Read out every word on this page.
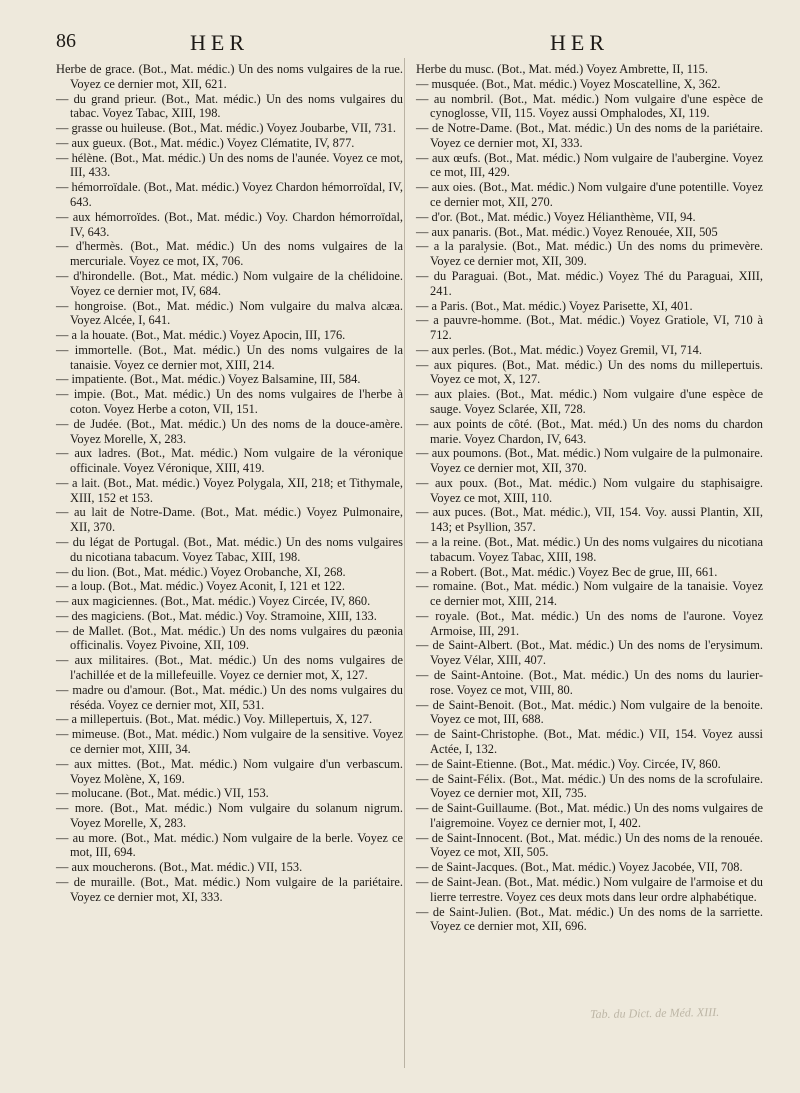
86	HER	HER

Herbe de grace. (Bot., Mat. médic.) Un des noms vulgaires de la rue. Voyez ce dernier mot, XII, 621.

— du grand prieur. (Bot., Mat. médic.) Un des noms vulgaires du tabac. Voyez Tabac, XIII, 198.

— grasse ou huileuse. (Bot., Mat. médic.) Voyez Joubarbe, VII, 731.

— aux gueux. (Bot., Mat. médic.) Voyez Clématite, IV, 877.

— hélène. (Bot., Mat. médic.) Un des noms de l'aunée. Voyez ce mot, III, 433.

— hémorroïdale. (Bot., Mat. médic.) Voyez Chardon hémorroïdal, IV, 643.

— aux hémorroïdes. (Bot., Mat. médic.) Voy. Chardon hémorroïdal, IV, 643.

— d'hermès. (Bot., Mat. médic.) Un des noms vulgaires de la mercuriale. Voyez ce mot, IX, 706.

— d'hirondelle. (Bot., Mat. médic.) Nom vulgaire de la chélidoine. Voyez ce dernier mot, IV, 684.

— hongroise. (Bot., Mat. médic.) Nom vulgaire du malva alcæa. Voyez Alcée, I, 641.

— a la houate. (Bot., Mat. médic.) Voyez Apocin, III, 176.

— immortelle. (Bot., Mat. médic.) Un des noms vulgaires de la tanaisie. Voyez ce dernier mot, XIII, 214.

— impatiente. (Bot., Mat. médic.) Voyez Balsamine, III, 584.

— impie. (Bot., Mat. médic.) Un des noms vulgaires de l'herbe à coton. Voyez Herbe a coton, VII, 151.

— de Judée. (Bot., Mat. médic.) Un des noms de la douce-amère. Voyez Morelle, X, 283.

— aux ladres. (Bot., Mat. médic.) Nom vulgaire de la véronique officinale. Voyez Véronique, XIII, 419.

— a lait. (Bot., Mat. médic.) Voyez Polygala, XII, 218; et Tithymale, XIII, 152 et 153.

— au lait de Notre-Dame. (Bot., Mat. médic.) Voyez Pulmonaire, XII, 370.

— du légat de Portugal. (Bot., Mat. médic.) Un des noms vulgaires du nicotiana tabacum. Voyez Tabac, XIII, 198.

— du lion. (Bot., Mat. médic.) Voyez Orobanche, XI, 268.

— a loup. (Bot., Mat. médic.) Voyez Aconit, I, 121 et 122.

— aux magiciennes. (Bot., Mat. médic.) Voyez Circée, IV, 860.

— des magiciens. (Bot., Mat. médic.) Voy. Stramoine, XIII, 133.

— de Mallet. (Bot., Mat. médic.) Un des noms vulgaires du pæonia officinalis. Voyez Pivoine, XII, 109.

— aux militaires. (Bot., Mat. médic.) Un des noms vulgaires de l'achillée et de la millefeuille. Voyez ce dernier mot, X, 127.

— madre ou d'amour. (Bot., Mat. médic.) Un des noms vulgaires du réséda. Voyez ce dernier mot, XII, 531.

— a millepertuis. (Bot., Mat. médic.) Voy. Millepertuis, X, 127.

— mimeuse. (Bot., Mat. médic.) Nom vulgaire de la sensitive. Voyez ce dernier mot, XIII, 34.

— aux mittes. (Bot., Mat. médic.) Nom vulgaire d'un verbascum. Voyez Molène, X, 169.

— molucane. (Bot., Mat. médic.) VII, 153.

— more. (Bot., Mat. médic.) Nom vulgaire du solanum nigrum. Voyez Morelle, X, 283.

— au more. (Bot., Mat. médic.) Nom vulgaire de la berle. Voyez ce mot, III, 694.

— aux moucherons. (Bot., Mat. médic.) VII, 153.

— de muraille. (Bot., Mat. médic.) Nom vulgaire de la pariétaire. Voyez ce dernier mot, XI, 333.

Herbe du musc. (Bot., Mat. méd.) Voyez Ambrette, II, 115.

— musquée. (Bot., Mat. médic.) Voyez Moscatelline, X, 362.

— au nombril. (Bot., Mat. médic.) Nom vulgaire d'une espèce de cynoglosse, VII, 115. Voyez aussi Omphalodes, XI, 119.

— de Notre-Dame. (Bot., Mat. médic.) Un des noms de la pariétaire. Voyez ce dernier mot, XI, 333.

— aux œufs. (Bot., Mat. médic.) Nom vulgaire de l'aubergine. Voyez ce mot, III, 429.

— aux oies. (Bot., Mat. médic.) Nom vulgaire d'une potentille. Voyez ce dernier mot, XII, 270.

— d'or. (Bot., Mat. médic.) Voyez Hélianthème, VII, 94.

— aux panaris. (Bot., Mat. médic.) Voyez Renouée, XII, 505

— a la paralysie. (Bot., Mat. médic.) Un des noms du primevère. Voyez ce dernier mot, XII, 309.

— du Paraguai. (Bot., Mat. médic.) Voyez Thé du Paraguai, XIII, 241.

— a Paris. (Bot., Mat. médic.) Voyez Parisette, XI, 401.

— a pauvre-homme. (Bot., Mat. médic.) Voyez Gratiole, VI, 710 à 712.

— aux perles. (Bot., Mat. médic.) Voyez Gremil, VI, 714.

— aux piqures. (Bot., Mat. médic.) Un des noms du millepertuis. Voyez ce mot, X, 127.

— aux plaies. (Bot., Mat. médic.) Nom vulgaire d'une espèce de sauge. Voyez Sclarée, XII, 728.

— aux points de côté. (Bot., Mat. méd.) Un des noms du chardon marie. Voyez Chardon, IV, 643.

— aux poumons. (Bot., Mat. médic.) Nom vulgaire de la pulmonaire. Voyez ce dernier mot, XII, 370.

— aux poux. (Bot., Mat. médic.) Nom vulgaire du staphisaigre. Voyez ce mot, XIII, 110.

— aux puces. (Bot., Mat. médic.), VII, 154. Voy. aussi Plantin, XII, 143; et Psyllion, 357.

— a la reine. (Bot., Mat. médic.) Un des noms vulgaires du nicotiana tabacum. Voyez Tabac, XIII, 198.

— a Robert. (Bot., Mat. médic.) Voyez Bec de grue, III, 661.

— romaine. (Bot., Mat. médic.) Nom vulgaire de la tanaisie. Voyez ce dernier mot, XIII, 214.

— royale. (Bot., Mat. médic.) Un des noms de l'aurone. Voyez Armoise, III, 291.

— de Saint-Albert. (Bot., Mat. médic.) Un des noms de l'erysimum. Voyez Vélar, XIII, 407.

— de Saint-Antoine. (Bot., Mat. médic.) Un des noms du laurier-rose. Voyez ce mot, VIII, 80.

— de Saint-Benoit. (Bot., Mat. médic.) Nom vulgaire de la benoite. Voyez ce mot, III, 688.

— de Saint-Christophe. (Bot., Mat. médic.) VII, 154. Voyez aussi Actée, I, 132.

— de Saint-Etienne. (Bot., Mat. médic.) Voy. Circée, IV, 860.

— de Saint-Félix. (Bot., Mat. médic.) Un des noms de la scrofulaire. Voyez ce dernier mot, XII, 735.

— de Saint-Guillaume. (Bot., Mat. médic.) Un des noms vulgaires de l'aigremoine. Voyez ce dernier mot, I, 402.

— de Saint-Innocent. (Bot., Mat. médic.) Un des noms de la renouée. Voyez ce mot, XII, 505.

— de Saint-Jacques. (Bot., Mat. médic.) Voyez Jacobée, VII, 708.

— de Saint-Jean. (Bot., Mat. médic.) Nom vulgaire de l'armoise et du lierre terrestre. Voyez ces deux mots dans leur ordre alphabétique.

— de Saint-Julien. (Bot., Mat. médic.) Un des noms de la sarriette. Voyez ce dernier mot, XII, 696.

Tab. du Dict. de Méd. XIII.
